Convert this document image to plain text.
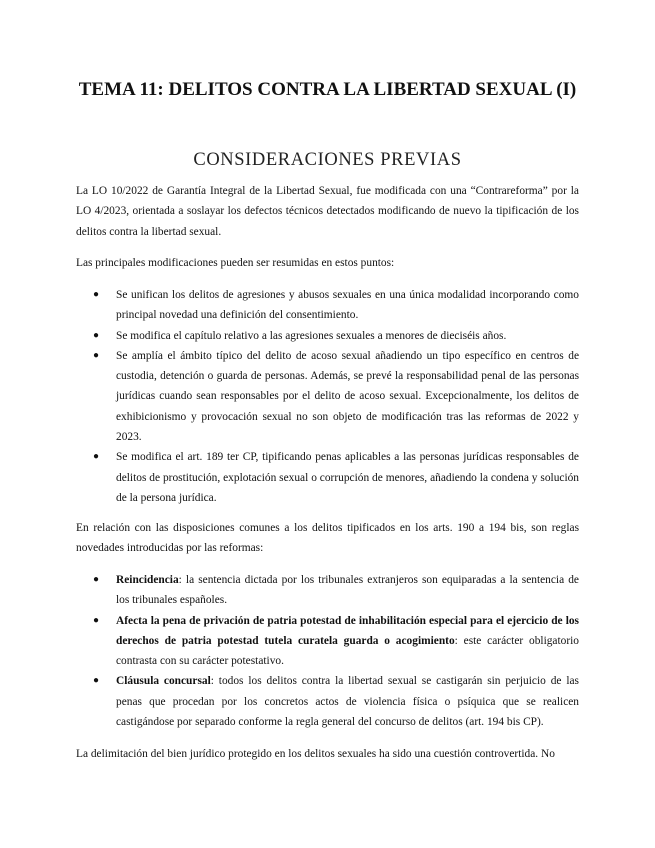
TEMA 11: DELITOS CONTRA LA LIBERTAD SEXUAL (I)
CONSIDERACIONES PREVIAS
La LO 10/2022 de Garantía Integral de la Libertad Sexual, fue modificada con una “Contrareforma” por la LO 4/2023, orientada a soslayar los defectos técnicos detectados modificando de nuevo la tipificación de los delitos contra la libertad sexual.
Las principales modificaciones pueden ser resumidas en estos puntos:
● Se unifican los delitos de agresiones y abusos sexuales en una única modalidad incorporando como principal novedad una definición del consentimiento.
● Se modifica el capítulo relativo a las agresiones sexuales a menores de dieciséis años.
● Se amplía el ámbito típico del delito de acoso sexual añadiendo un tipo específico en centros de custodia, detención o guarda de personas. Además, se prevé la responsabilidad penal de las personas jurídicas cuando sean responsables por el delito de acoso sexual. Excepcionalmente, los delitos de exhibicionismo y provocación sexual no son objeto de modificación tras las reformas de 2022 y 2023.
● Se modifica el art. 189 ter CP, tipificando penas aplicables a las personas jurídicas responsables de delitos de prostitución, explotación sexual o corrupción de menores, añadiendo la condena y solución de la persona jurídica.
En relación con las disposiciones comunes a los delitos tipificados en los arts. 190 a 194 bis, son reglas novedades introducidas por las reformas:
● Reincidencia: la sentencia dictada por los tribunales extranjeros son equiparadas a la sentencia de los tribunales españoles.
● Afecta la pena de privación de patria potestad de inhabilitación especial para el ejercicio de los derechos de patria potestad tutela curatela guarda o acogimiento: este carácter obligatorio contrasta con su carácter potestativo.
● Cláusula concursal: todos los delitos contra la libertad sexual se castigarán sin perjuicio de las penas que procedan por los concretos actos de violencia física o psíquica que se realicen castigándose por separado conforme la regla general del concurso de delitos (art. 194 bis CP).
La delimitación del bien jurídico protegido en los delitos sexuales ha sido una cuestión controvertida. No
